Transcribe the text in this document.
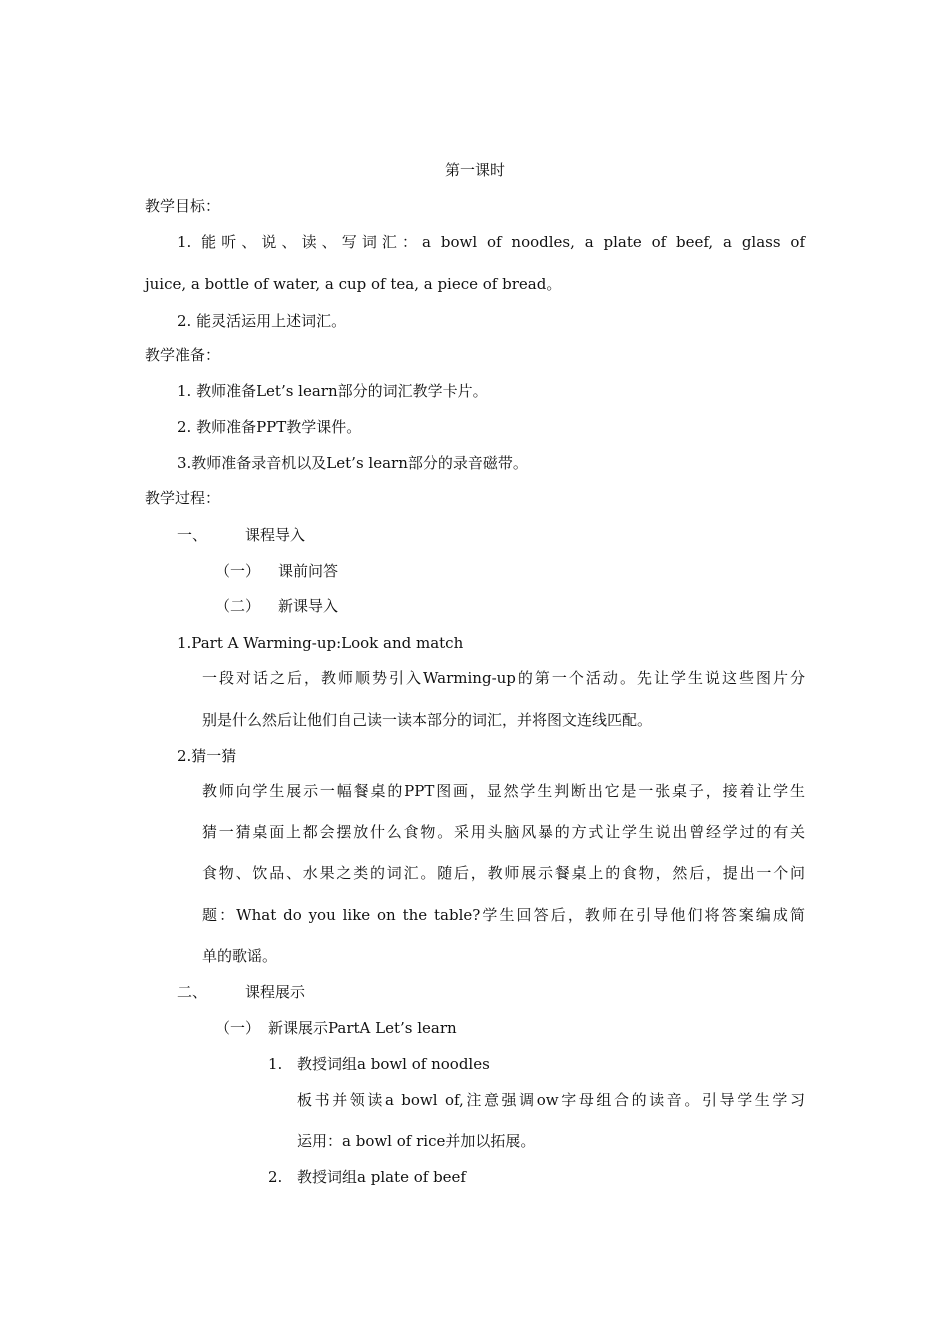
第一课时
教学目标：
1. 能听、说、读、写词汇：a bowl of noodles, a plate of beef, a glass of
juice, a bottle of water, a cup of tea, a piece of bread。
2. 能灵活运用上述词汇。
教学准备：
1. 教师准备Let’s learn部分的词汇教学卡片。
2. 教师准备PPT教学课件。
3.教师准备录音机以及Let’s learn部分的录音磁带。
教学过程：
一、	课程导入
（一） 课前问答
（二） 新课导入
1.Part A Warming-up:Look and match
一段对话之后，教师顺势引入Warming-up的第一个活动。先让学生说这些图片分
别是什么然后让他们自己读一读本部分的词汇，并将图文连线匹配。
2.猜一猜
教师向学生展示一幅餐桌的PPT图画，显然学生判断出它是一张桌子，接着让学生
猜一猜桌面上都会摆放什么食物。采用头脑风暴的方式让学生说出曾经学过的有关
食物、饮品、水果之类的词汇。随后，教师展示餐桌上的食物，然后，提出一个问
题：What do you like on the table?学生回答后，教师在引导他们将答案编成简
单的歌谣。
二、	课程展示
（一） 新课展示PartA Let’s learn
1. 教授词组a bowl of noodles
板书并领读a bowl of,注意强调ow字母组合的读音。引导学生学习
运用：a bowl of rice并加以拓展。
2. 教授词组a plate of beef
